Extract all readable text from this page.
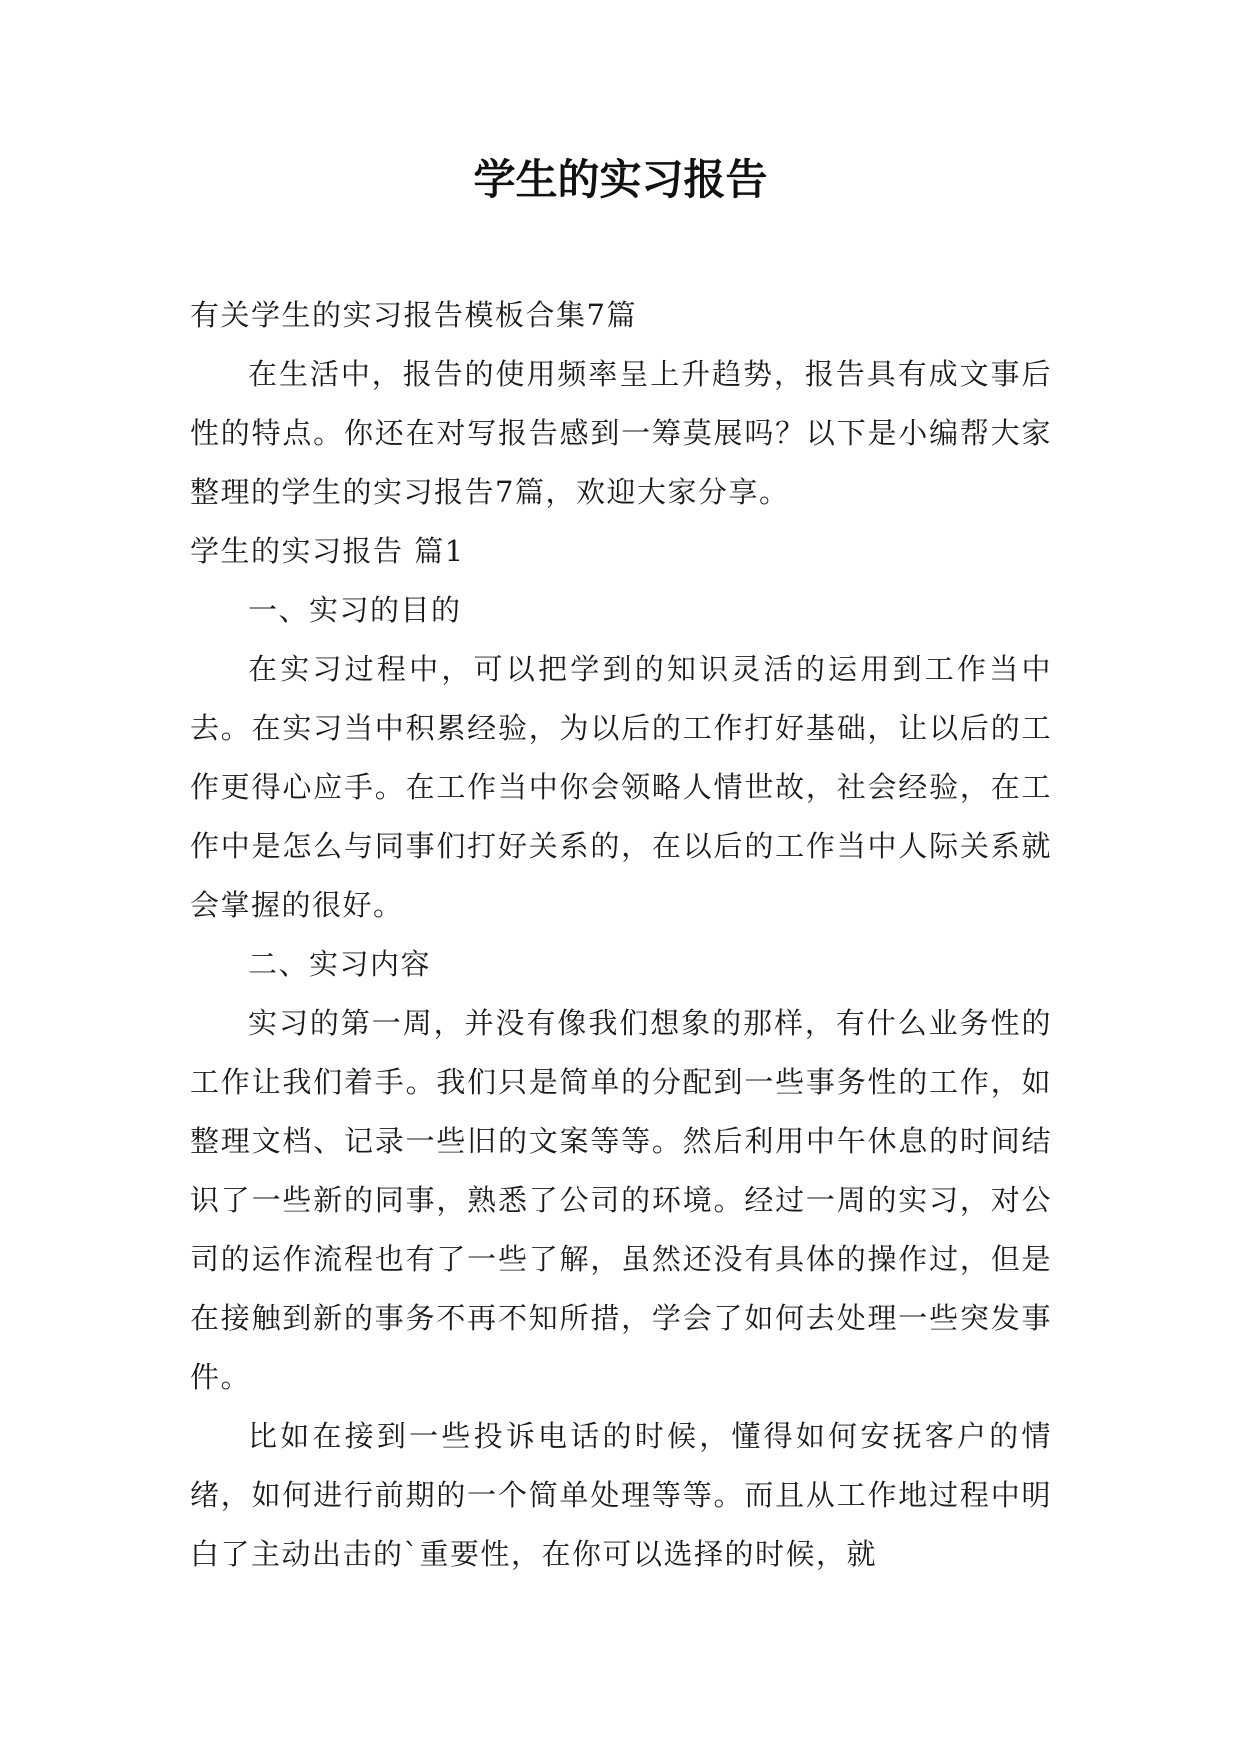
学生的实习报告

有关学生的实习报告模板合集7篇

在生活中，报告的使用频率呈上升趋势，报告具有成文事后性的特点。你还在对写报告感到一筹莫展吗？以下是小编帮大家整理的学生的实习报告7篇，欢迎大家分享。

学生的实习报告 篇1

一、实习的目的

在实习过程中，可以把学到的知识灵活的运用到工作当中去。在实习当中积累经验，为以后的工作打好基础，让以后的工作更得心应手。在工作当中你会领略人情世故，社会经验，在工作中是怎么与同事们打好关系的，在以后的工作当中人际关系就会掌握的很好。

二、实习内容

实习的第一周，并没有像我们想象的那样，有什么业务性的工作让我们着手。我们只是简单的分配到一些事务性的工作，如整理文档、记录一些旧的文案等等。然后利用中午休息的时间结识了一些新的同事，熟悉了公司的环境。经过一周的实习，对公司的运作流程也有了一些了解，虽然还没有具体的操作过，但是在接触到新的事务不再不知所措，学会了如何去处理一些突发事件。

比如在接到一些投诉电话的时候，懂得如何安抚客户的情绪，如何进行前期的一个简单处理等等。而且从工作地过程中明白了主动出击的`重要性，在你可以选择的时候，就
